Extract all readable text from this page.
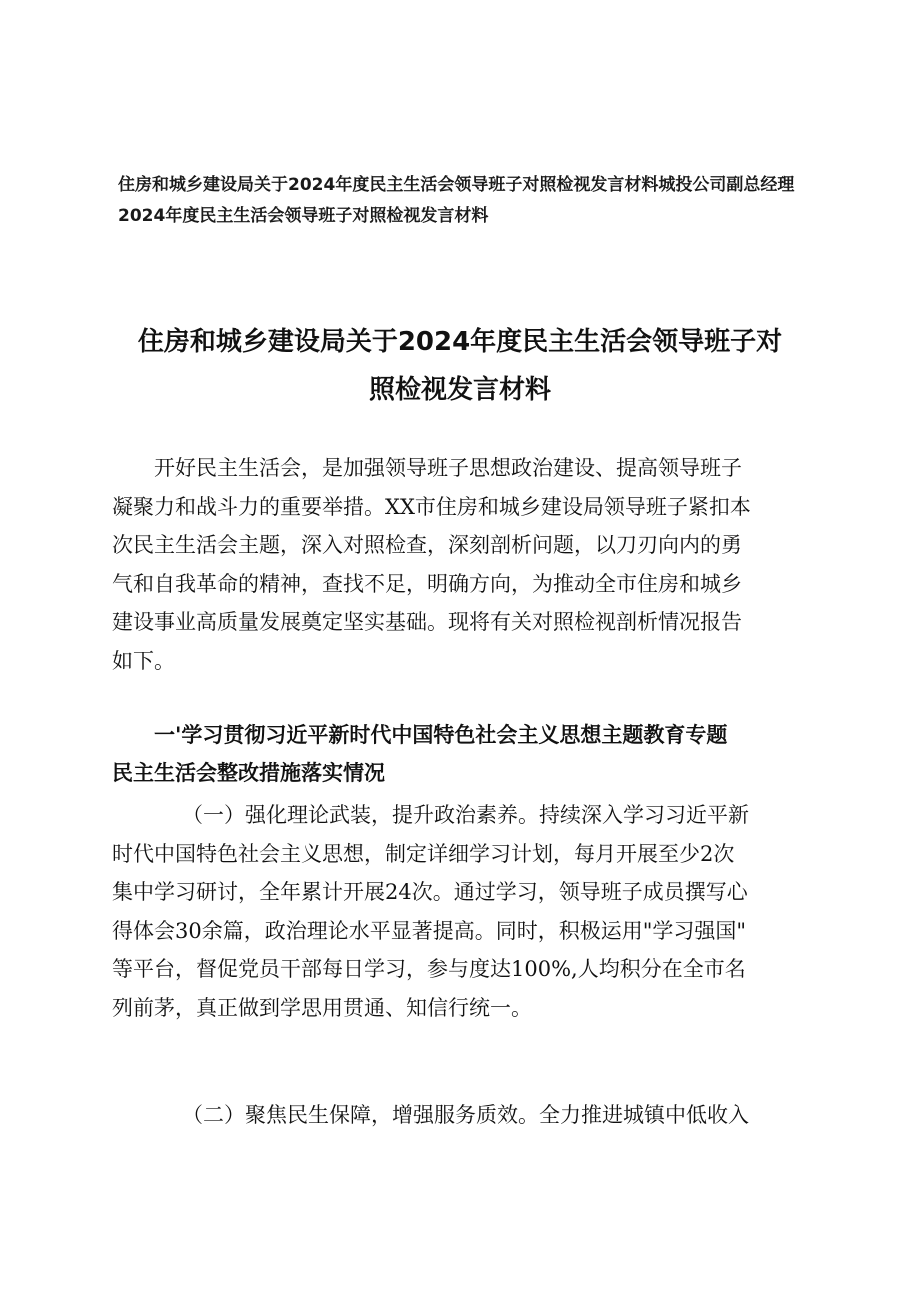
住房和城乡建设局关于2024年度民主生活会领导班子对照检视发言材料城投公司副总经理
2024年度民主生活会领导班子对照检视发言材料
住房和城乡建设局关于2024年度民主生活会领导班子对
照检视发言材料
开好民主生活会，是加强领导班子思想政治建设、提高领导班子
凝聚力和战斗力的重要举措。XX市住房和城乡建设局领导班子紧扣本
次民主生活会主题，深入对照检查，深刻剖析问题，以刀刃向内的勇
气和自我革命的精神，查找不足，明确方向，为推动全市住房和城乡
建设事业高质量发展奠定坚实基础。现将有关对照检视剖析情况报告
如下。
一'学习贯彻习近平新时代中国特色社会主义思想主题教育专题
民主生活会整改措施落实情况
（一）强化理论武装，提升政治素养。持续深入学习习近平新
时代中国特色社会主义思想，制定详细学习计划，每月开展至少2次
集中学习研讨，全年累计开展24次。通过学习，领导班子成员撰写心
得体会30余篇，政治理论水平显著提高。同时，积极运用"学习强国"
等平台，督促党员干部每日学习，参与度达100%,人均积分在全市名
列前茅，真正做到学思用贯通、知信行统一。
（二）聚焦民生保障，增强服务质效。全力推进城镇中低收入
